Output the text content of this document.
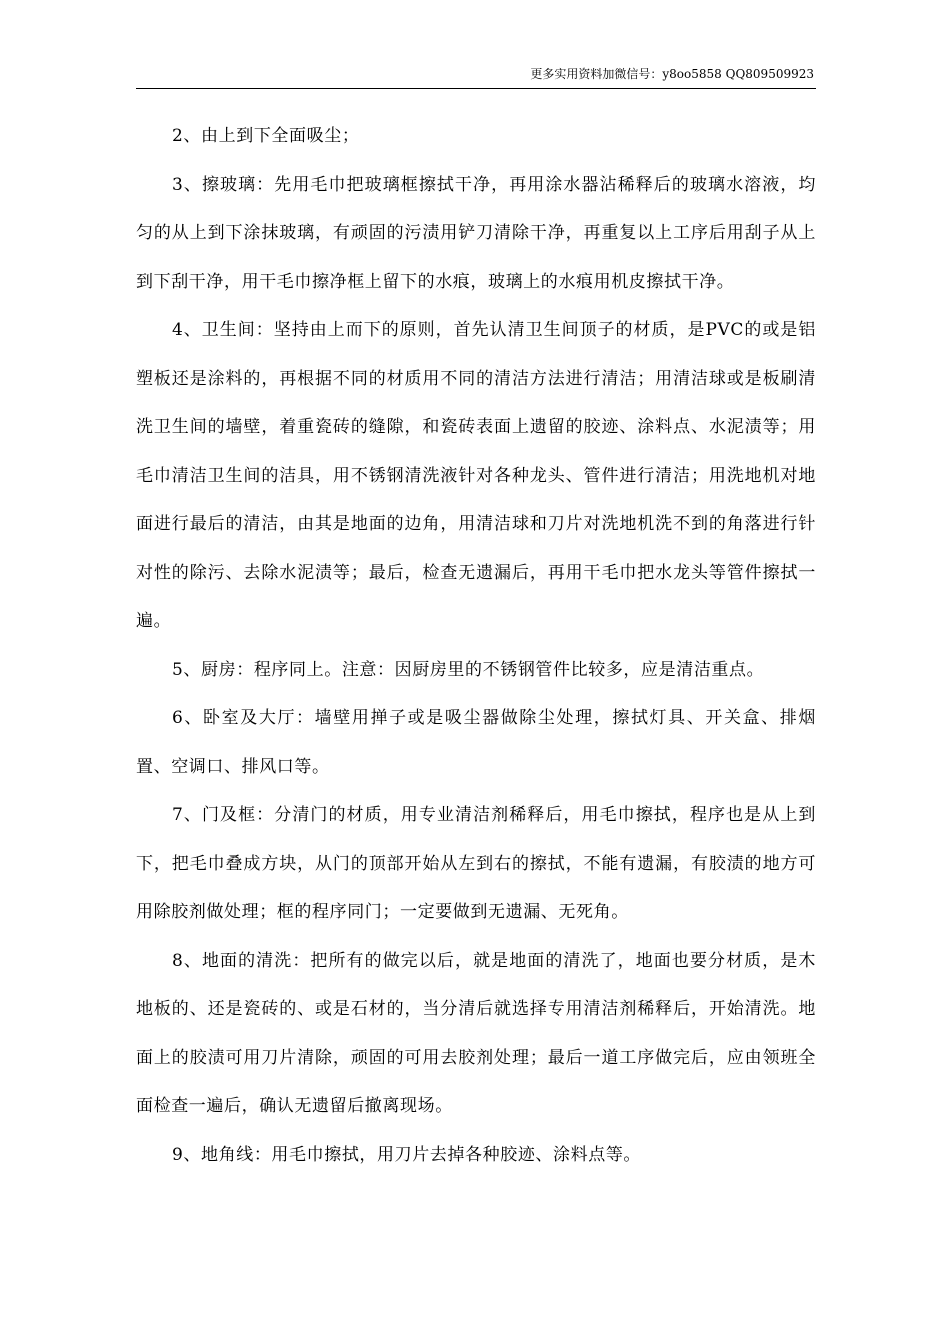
更多实用资料加微信号：y8oo5858 QQ809509923

2、由上到下全面吸尘；

3、擦玻璃：先用毛巾把玻璃框擦拭干净，再用涂水器沾稀释后的玻璃水溶液，均匀的从上到下涂抹玻璃，有顽固的污渍用铲刀清除干净，再重复以上工序后用刮子从上到下刮干净，用干毛巾擦净框上留下的水痕，玻璃上的水痕用机皮擦拭干净。

4、卫生间：坚持由上而下的原则，首先认清卫生间顶子的材质，是PVC的或是铝塑板还是涂料的，再根据不同的材质用不同的清洁方法进行清洁；用清洁球或是板刷清洗卫生间的墙壁，着重瓷砖的缝隙，和瓷砖表面上遗留的胶迹、涂料点、水泥渍等；用毛巾清洁卫生间的洁具，用不锈钢清洗液针对各种龙头、管件进行清洁；用洗地机对地面进行最后的清洁，由其是地面的边角，用清洁球和刀片对洗地机洗不到的角落进行针对性的除污、去除水泥渍等；最后，检查无遗漏后，再用干毛巾把水龙头等管件擦拭一遍。

5、厨房：程序同上。注意：因厨房里的不锈钢管件比较多，应是清洁重点。

6、卧室及大厅：墙壁用掸子或是吸尘器做除尘处理，擦拭灯具、开关盒、排烟置、空调口、排风口等。

7、门及框：分清门的材质，用专业清洁剂稀释后，用毛巾擦拭，程序也是从上到下，把毛巾叠成方块，从门的顶部开始从左到右的擦拭，不能有遗漏，有胶渍的地方可用除胶剂做处理；框的程序同门；一定要做到无遗漏、无死角。

8、地面的清洗：把所有的做完以后，就是地面的清洗了，地面也要分材质，是木地板的、还是瓷砖的、或是石材的，当分清后就选择专用清洁剂稀释后，开始清洗。地面上的胶渍可用刀片清除，顽固的可用去胶剂处理；最后一道工序做完后，应由领班全面检查一遍后，确认无遗留后撤离现场。

9、地角线：用毛巾擦拭，用刀片去掉各种胶迹、涂料点等。
